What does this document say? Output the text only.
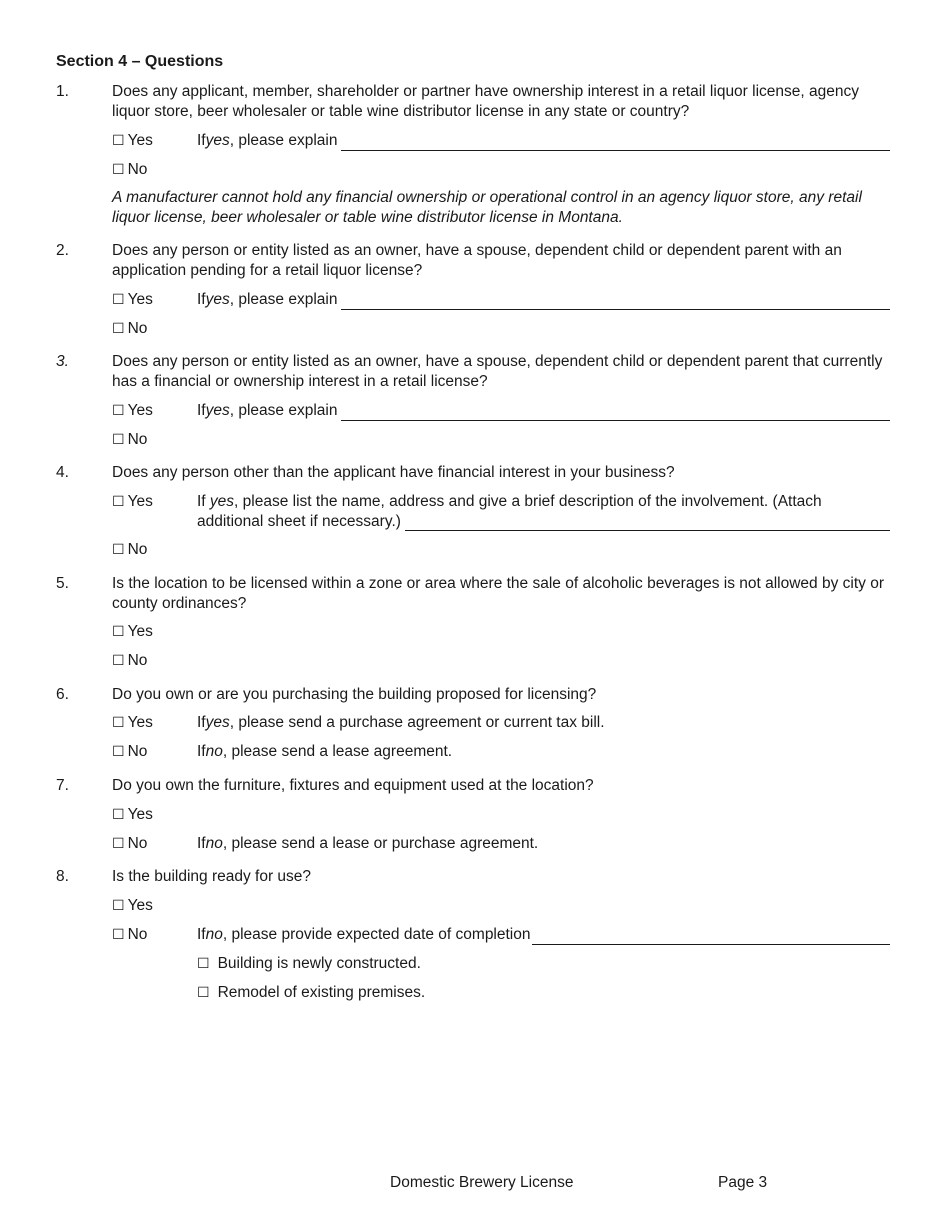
Section 4 – Questions
1.	Does any applicant, member, shareholder or partner have ownership interest in a retail liquor license, agency liquor store, beer wholesaler or table wine distributor license in any state or country?
☐ Yes	If yes , please explain
☐ No
A manufacturer cannot hold any financial ownership or operational control in an agency liquor store, any retail liquor license, beer wholesaler or table wine distributor license in Montana.
2.	Does any person or entity listed as an owner, have a spouse, dependent child or dependent parent with an application pending for a retail liquor license?
☐ Yes	If yes , please explain
☐ No
3.	Does any person or entity listed as an owner, have a spouse, dependent child or dependent parent that currently has a financial or ownership interest in a retail license?
☐ Yes	If yes , please explain
☐ No
4.	Does any person other than the applicant have financial interest in your business?
☐ Yes	If yes, please list the name, address and give a brief description of the involvement. (Attach
additional sheet if necessary.)
☐ No
5.	Is the location to be licensed within a zone or area where the sale of alcoholic beverages is not allowed by city or county ordinances?
☐ Yes
☐ No
6.	Do you own or are you purchasing the building proposed for licensing?
☐ Yes	If yes , please send a purchase agreement or current tax bill.
☐ No	If no , please send a lease agreement.
7.	Do you own the furniture, fixtures and equipment used at the location?
☐ Yes
☐ No	If no , please send a lease or purchase agreement.
8.	Is the building ready for use?
☐ Yes
☐ No	If no , please provide expected date of completion
☐ Building is newly constructed.
☐ Remodel of existing premises.
Domestic Brewery License	Page 3
